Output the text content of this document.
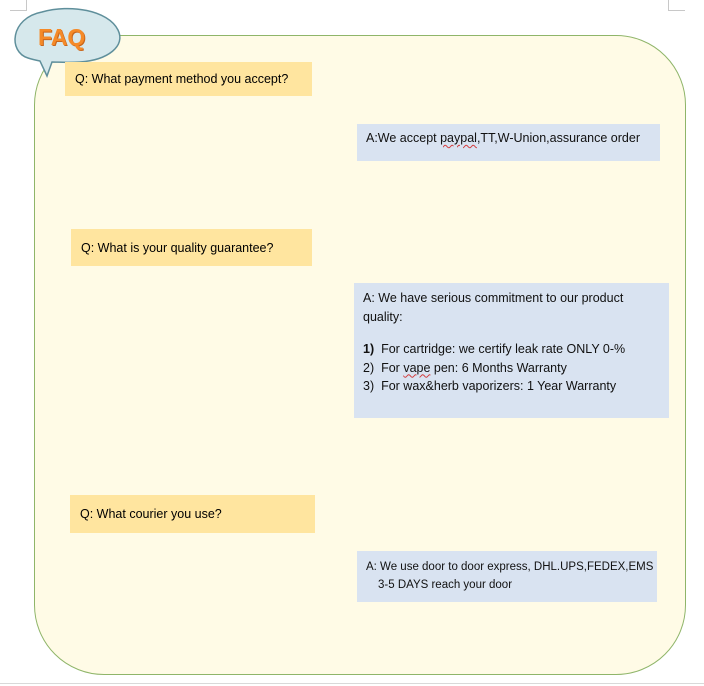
FAQ
Q: What payment method you accept?
A:We accept paypal,TT,W-Union,assurance order
Q: What is your quality guarantee?
A: We have serious commitment to our product quality:
1) For cartridge: we certify leak rate ONLY 0-%
2) For vape pen: 6 Months Warranty
3) For wax&herb vaporizers: 1 Year Warranty
Q: What courier you use?
A: We use door to door express, DHL.UPS,FEDEX,EMS
3-5 DAYS reach your door
